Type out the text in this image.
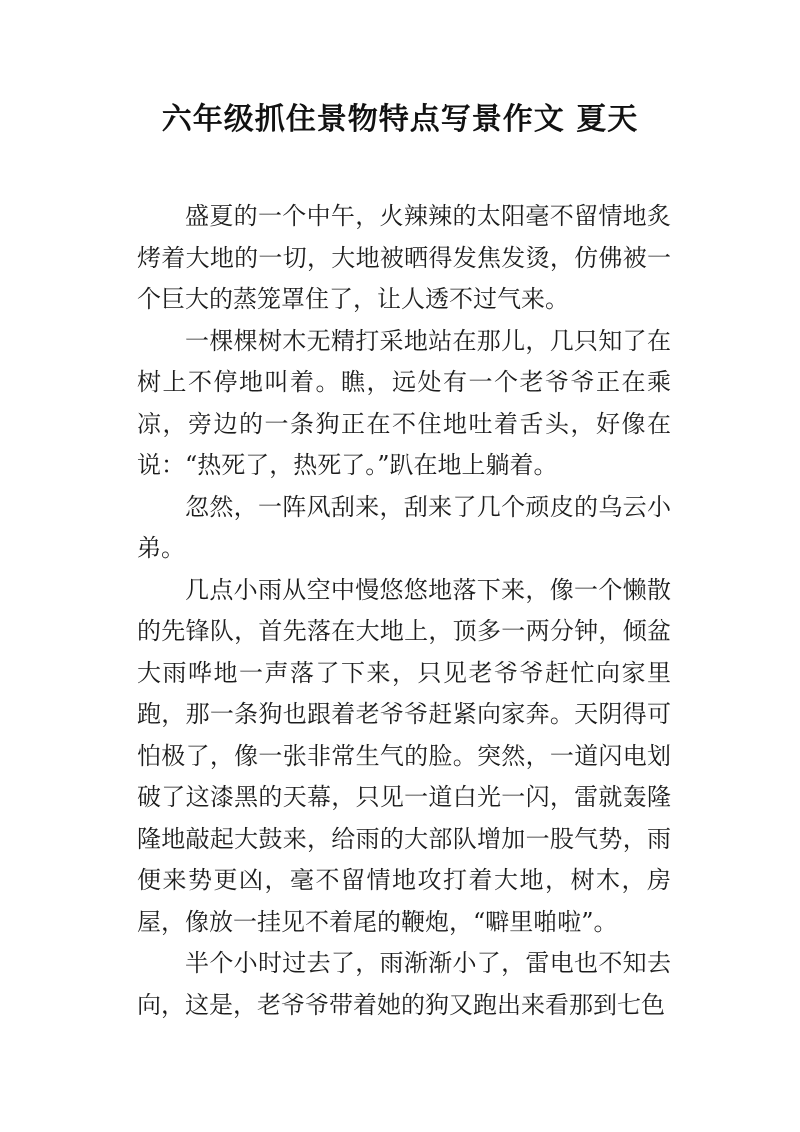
六年级抓住景物特点写景作文 夏天

盛夏的一个中午，火辣辣的太阳毫不留情地炙烤着大地的一切，大地被晒得发焦发烫，仿佛被一个巨大的蒸笼罩住了，让人透不过气来。

一棵棵树木无精打采地站在那儿，几只知了在树上不停地叫着。瞧，远处有一个老爷爷正在乘凉，旁边的一条狗正在不住地吐着舌头，好像在说：“热死了，热死了。”趴在地上躺着。

忽然，一阵风刮来，刮来了几个顽皮的乌云小弟。

几点小雨从空中慢悠悠地落下来，像一个懒散的先锋队，首先落在大地上，顶多一两分钟，倾盆大雨哗地一声落了下来，只见老爷爷赶忙向家里跑，那一条狗也跟着老爷爷赶紧向家奔。天阴得可怕极了，像一张非常生气的脸。突然，一道闪电划破了这漆黑的天幕，只见一道白光一闪，雷就轰隆隆地敲起大鼓来，给雨的大部队增加一股气势，雨便来势更凶，毫不留情地攻打着大地，树木，房屋，像放一挂见不着尾的鞭炮，“噼里啪啦”。

半个小时过去了，雨渐渐小了，雷电也不知去向，这是，老爷爷带着她的狗又跑出来看那到七色
